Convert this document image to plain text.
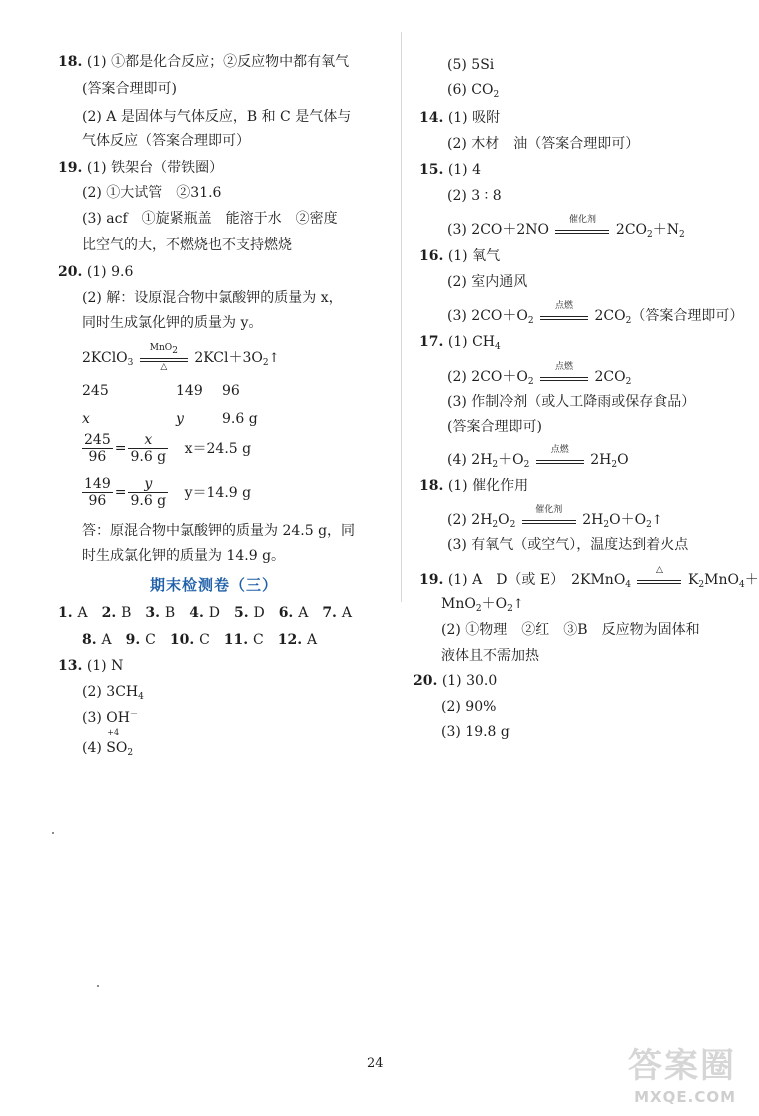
18. (1) ①都是化合反应；②反应物中都有氧气
(答案合理即可)
(2) A 是固体与气体反应，B 和 C 是气体与
气体反应（答案合理即可）
19. (1) 铁架台（带铁圈）
(2) ①大试管　②31.6
(3) acf　①旋紧瓶盖　能溶于水　②密度
比空气的大，不燃烧也不支持燃烧
20. (1) 9.6
(2) 解：设原混合物中氯酸钾的质量为 x，
同时生成氯化钾的质量为 y。
2KClO$_3$
MnO$_2$
△
$2KCl+3O_2↑$
245	149 96
x	y	9.6 g
$\frac{245}{96} = \frac{x}{9.6 g} x=24.5$ g
$\frac{149}{96} = \frac{y}{9.6 g} y=14.9$ g
答：原混合物中氯酸钾的质量为 24.5 g，同
时生成氯化钾的质量为 14.9 g。
期末检测卷（三）
1. A 2. B 3. B 4. D 5. D 6. A 7. A
8. A 9. C 10. C 11. C 12. A
13. (1) N
(2) $3CH_4$
(3) OH－
(4)
+4
$SO_2$
(5) 5Si
(6) $CO_2$
14. (1) 吸附
(2) 木材　油（答案合理即可）
15. (1) 4
(2) 3 ∶ 8
(3) 2CO＋2NO
催化剂
$2CO_2+N_2$
16. (1) 氧气
(2) 室内通风
(3) $2CO+O_2$
点燃
$2CO_2$（答案合理即可）
17. (1) $CH_4$
(2) $2CO+O_2$
点燃
$2CO_2$
(3) 作制冷剂（或人工降雨或保存食品）
(答案合理即可)
(4) $2H_2+O_2$
点燃
$2H_2O$
18. (1) 催化作用
(2) $2H_2O_2$
催化剂
$2H_2O+O_2↑$
(3) 有氧气（或空气），温度达到着火点
19. (1) A　D（或 E）　2KMnO$_4$
△
$K_2MnO_4+$
$MnO_2+O_2↑$
(2) ①物理　②红　③B　反应物为固体和
液体且不需加热
20. (1) 30.0
(2) 90%
(3) 19.8 g
24	答案圈
MXQE.COM
